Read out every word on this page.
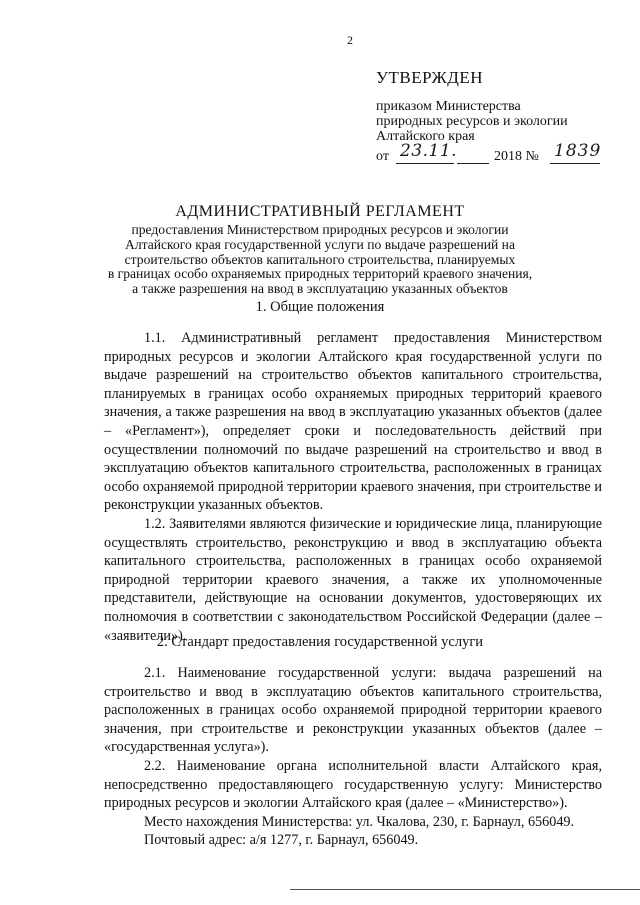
2
УТВЕРЖДЕН
приказом Министерства
природных ресурсов и экологии
Алтайского края
от 23.11.	2018 № 1839
АДМИНИСТРАТИВНЫЙ РЕГЛАМЕНТ
предоставления Министерством природных ресурсов и экологии
Алтайского края государственной услуги по выдаче разрешений на
строительство объектов капитального строительства, планируемых
в границах особо охраняемых природных территорий краевого значения,
а также разрешения на ввод в эксплуатацию указанных объектов
1. Общие положения

1.1. Административный регламент предоставления Министерством природных ресурсов и экологии Алтайского края государственной услуги по выдаче разрешений на строительство объектов капитального строительства, планируемых в границах особо охраняемых природных территорий краевого значения, а также разрешения на ввод в эксплуатацию указанных объектов (далее – «Регламент»), определяет сроки и последовательность действий при осуществлении полномочий по выдаче разрешений на строительство и ввод в эксплуатацию объектов капитального строительства, расположенных в границах особо охраняемой природной территории краевого значения, при строительстве и реконструкции указанных объектов.

1.2. Заявителями являются физические и юридические лица, планирующие осуществлять строительство, реконструкцию и ввод в эксплуатацию объекта капитального строительства, расположенных в границах особо охраняемой природной территории краевого значения, а также их уполномоченные представители, действующие на основании документов, удостоверяющих их полномочия в соответствии с законодательством Российской Федерации (далее – «заявители»).

2. Стандарт предоставления государственной услуги

2.1. Наименование государственной услуги: выдача разрешений на строительство и ввод в эксплуатацию объектов капитального строительства, расположенных в границах особо охраняемой природной территории краевого значения, при строительстве и реконструкции указанных объектов (далее – «государственная услуга»).

2.2. Наименование органа исполнительной власти Алтайского края, непосредственно предоставляющего государственную услугу: Министерство природных ресурсов и экологии Алтайского края (далее – «Министерство»).

Место нахождения Министерства: ул. Чкалова, 230, г. Барнаул, 656049.

Почтовый адрес: а/я 1277, г. Барнаул, 656049.
